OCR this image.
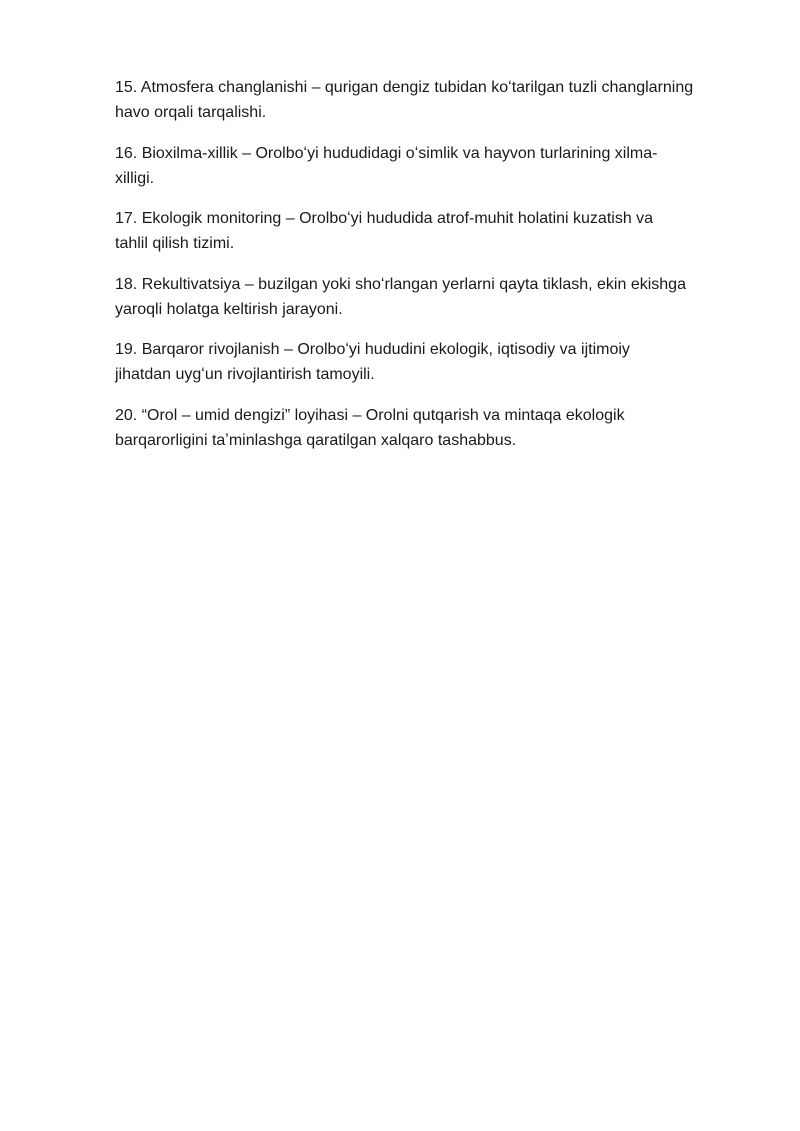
15. Atmosfera changlanishi – qurigan dengiz tubidan koʻtarilgan tuzli changlarning
havo orqali tarqalishi.

16. Bioxilma-xillik – Orolboʻyi hududidagi oʻsimlik va hayvon turlarining xilma-
xilligi.

17. Ekologik monitoring – Orolboʻyi hududida atrof-muhit holatini kuzatish va
tahlil qilish tizimi.

18. Rekultivatsiya – buzilgan yoki shoʻrlangan yerlarni qayta tiklash, ekin ekishga
yaroqli holatga keltirish jarayoni.

19. Barqaror rivojlanish – Orolboʻyi hududini ekologik, iqtisodiy va ijtimoiy
jihatdan uygʻun rivojlantirish tamoyili.

20. “Orol – umid dengizi” loyihasi – Orolni qutqarish va mintaqa ekologik
barqarorligini taʼminlashga qaratilgan xalqaro tashabbus.
